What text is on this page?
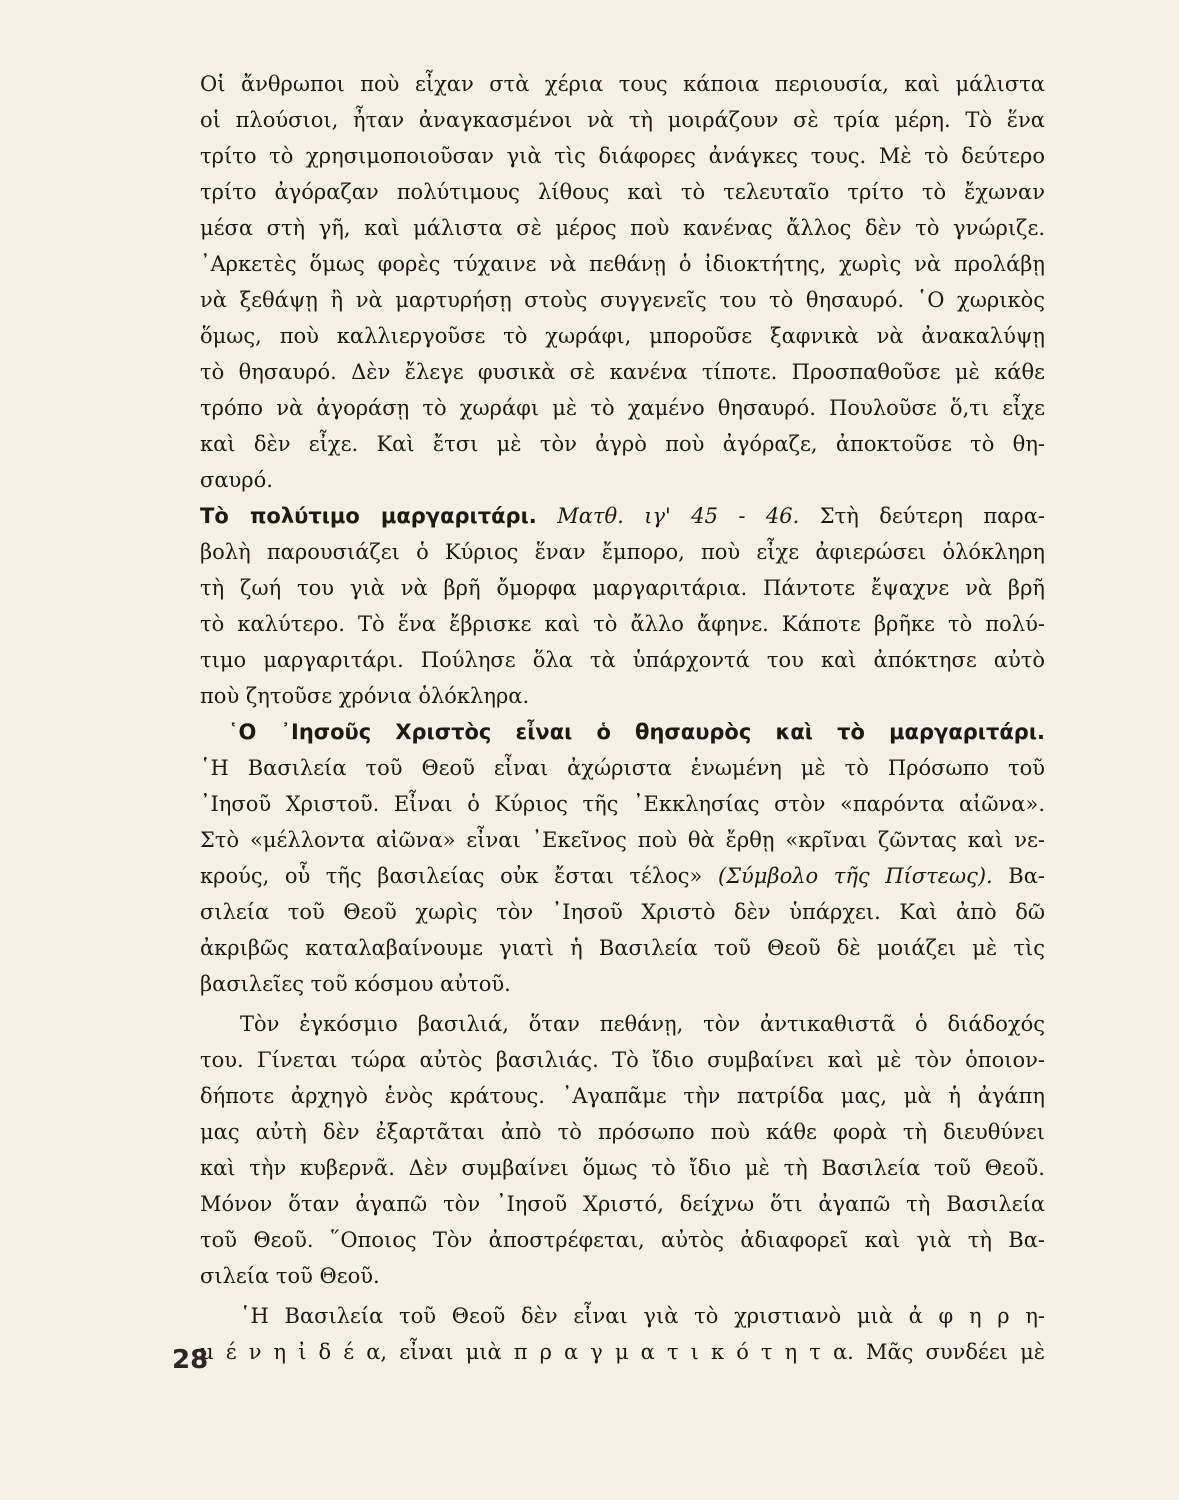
Οἱ ἄνθρωποι ποὺ εἶχαν στὰ χέρια τους κάποια περιουσία, καὶ μάλιστα
οἱ πλούσιοι, ἦταν ἀναγκασμένοι νὰ τὴ μοιράζουν σὲ τρία μέρη. Τὸ ἕνα
τρίτο τὸ χρησιμοποιοῦσαν γιὰ τὶς διάφορες ἀνάγκες τους. Μὲ τὸ δεύτερο
τρίτο ἀγόραζαν πολύτιμους λίθους καὶ τὸ τελευταῖο τρίτο τὸ ἔχωναν
μέσα στὴ γῆ, καὶ μάλιστα σὲ μέρος ποὺ κανένας ἄλλος δὲν τὸ γνώριζε.
᾿Αρκετὲς ὅμως φορὲς τύχαινε νὰ πεθάνῃ ὁ ἰδιοκτήτης, χωρὶς νὰ προλάβῃ
νὰ ξεθάψῃ ἢ νὰ μαρτυρήσῃ στοὺς συγγενεῖς του τὸ θησαυρό. ῾Ο χωρικὸς
ὅμως, ποὺ καλλιεργοῦσε τὸ χωράφι, μποροῦσε ξαφνικὰ νὰ ἀνακαλύψῃ
τὸ θησαυρό. Δὲν ἔλεγε φυσικὰ σὲ κανένα τίποτε. Προσπαθοῦσε μὲ κάθε
τρόπο νὰ ἀγοράσῃ τὸ χωράφι μὲ τὸ χαμένο θησαυρό. Πουλοῦσε ὅ,τι εἶχε
καὶ δὲν εἶχε. Καὶ ἔτσι μὲ τὸν ἀγρὸ ποὺ ἀγόραζε, ἀποκτοῦσε τὸ θη-
σαυρό.
Τὸ πολύτιμο μαργαριτάρι. Ματθ. ιγ' 45 - 46. Στὴ δεύτερη παρα-
βολὴ παρουσιάζει ὁ Κύριος ἕναν ἔμπορο, ποὺ εἶχε ἀφιερώσει ὁλόκληρη
τὴ ζωή του γιὰ νὰ βρῆ ὄμορφα μαργαριτάρια. Πάντοτε ἔψαχνε νὰ βρῆ
τὸ καλύτερο. Τὸ ἕνα ἔβρισκε καὶ τὸ ἄλλο ἄφηνε. Κάποτε βρῆκε τὸ πολύ-
τιμο μαργαριτάρι. Πούλησε ὅλα τὰ ὑπάρχοντά του καὶ ἀπόκτησε αὐτὸ
ποὺ ζητοῦσε χρόνια ὁλόκληρα.
῾Ο ᾿Ιησοῦς Χριστὸς εἶναι ὁ θησαυρὸς καὶ τὸ μαργαριτάρι.
῾Η Βασιλεία τοῦ Θεοῦ εἶναι ἀχώριστα ἑνωμένη μὲ τὸ Πρόσωπο τοῦ
᾿Ιησοῦ Χριστοῦ. Εἶναι ὁ Κύριος τῆς ᾿Εκκλησίας στὸν «παρόντα αἰῶνα».
Στὸ «μέλλοντα αἰῶνα» εἶναι ᾿Εκεῖνος ποὺ θὰ ἔρθῃ «κρῖναι ζῶντας καὶ νε-
κρούς, οὗ τῆς βασιλείας οὐκ ἔσται τέλος» (Σύμβολο τῆς Πίστεως). Βα-
σιλεία τοῦ Θεοῦ χωρὶς τὸν ᾿Ιησοῦ Χριστὸ δὲν ὑπάρχει. Καὶ ἀπὸ δῶ
ἀκριβῶς καταλαβαίνουμε γιατὶ ἡ Βασιλεία τοῦ Θεοῦ δὲ μοιάζει μὲ τὶς
βασιλεῖες τοῦ κόσμου αὐτοῦ.
Τὸν ἐγκόσμιο βασιλιά, ὅταν πεθάνῃ, τὸν ἀντικαθιστᾶ ὁ διάδοχός
του. Γίνεται τώρα αὐτὸς βασιλιάς. Τὸ ἴδιο συμβαίνει καὶ μὲ τὸν ὁποιον-
δήποτε ἀρχηγὸ ἑνὸς κράτους. ᾿Αγαπᾶμε τὴν πατρίδα μας, μὰ ἡ ἀγάπη
μας αὐτὴ δὲν ἐξαρτᾶται ἀπὸ τὸ πρόσωπο ποὺ κάθε φορὰ τὴ διευθύνει
καὶ τὴν κυβερνᾶ. Δὲν συμβαίνει ὅμως τὸ ἴδιο μὲ τὴ Βασιλεία τοῦ Θεοῦ.
Μόνον ὅταν ἀγαπῶ τὸν ᾿Ιησοῦ Χριστό, δείχνω ὅτι ἀγαπῶ τὴ Βασιλεία
τοῦ Θεοῦ. ῞Οποιος Τὸν ἀποστρέφεται, αὐτὸς ἀδιαφορεῖ καὶ γιὰ τὴ Βα-
σιλεία τοῦ Θεοῦ.
῾Η Βασιλεία τοῦ Θεοῦ δὲν εἶναι γιὰ τὸ χριστιανὸ μιὰ ἀ φ η ρ η-
μ έ ν η ἰ δ έ α, εἶναι μιὰ π ρ α γ μ α τ ι κ ό τ η τ α. Μᾶς συνδέει μὲ
28
